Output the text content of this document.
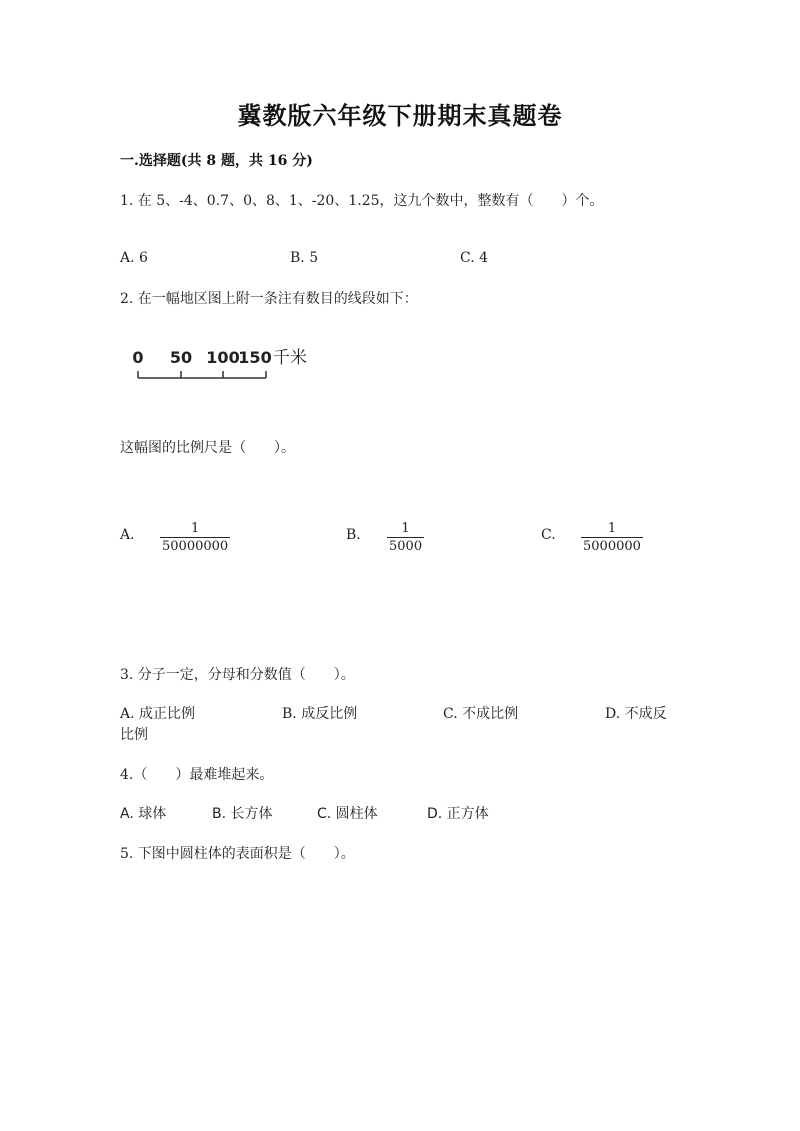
冀教版六年级下册期末真题卷
一.选择题(共 8 题，共 16 分)
1. 在 5、-4、0.7、0、8、1、-20、1.25，这九个数中，整数有（　　）个。
A. 6	B. 5	C. 4
2. 在一幅地区图上附一条注有数目的线段如下：
0 50 100
150 千米
这幅图的比例尺是（　　）。
A. $\frac{1}{50000000}$	B. $\frac{1}{5000}$	C. $\frac{1}{5000000}$
3. 分子一定，分母和分数值（　　）。
A. 成正比例	B. 成反比例	C. 不成比例	D. 不成反
比例
4.（　　）最难堆起来。
A. 球体	B. 长方体	C. 圆柱体	D. 正方体
5. 下图中圆柱体的表面积是（　　）。
